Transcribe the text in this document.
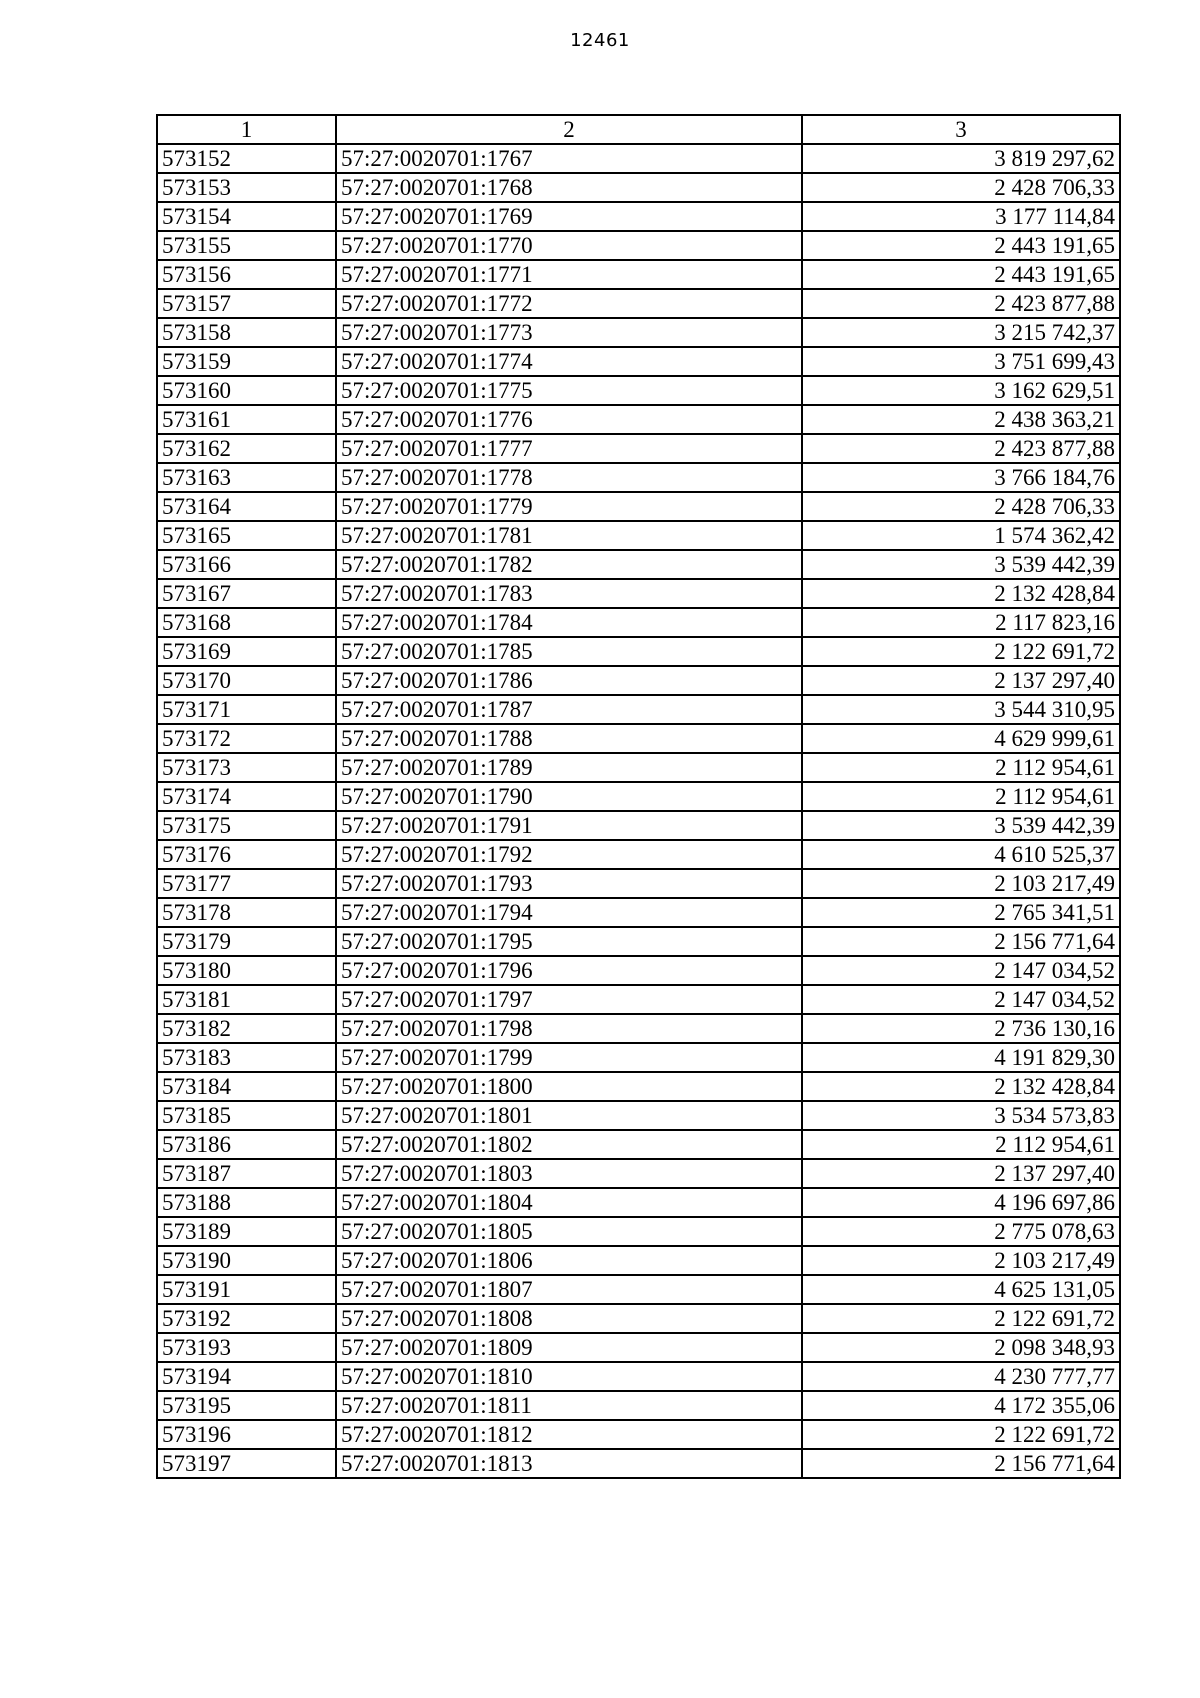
12461
1	2	3
573152	57:27:0020701:1767	3 819 297,62
573153	57:27:0020701:1768	2 428 706,33
573154	57:27:0020701:1769	3 177 114,84
573155	57:27:0020701:1770	2 443 191,65
573156	57:27:0020701:1771	2 443 191,65
573157	57:27:0020701:1772	2 423 877,88
573158	57:27:0020701:1773	3 215 742,37
573159	57:27:0020701:1774	3 751 699,43
573160	57:27:0020701:1775	3 162 629,51
573161	57:27:0020701:1776	2 438 363,21
573162	57:27:0020701:1777	2 423 877,88
573163	57:27:0020701:1778	3 766 184,76
573164	57:27:0020701:1779	2 428 706,33
573165	57:27:0020701:1781	1 574 362,42
573166	57:27:0020701:1782	3 539 442,39
573167	57:27:0020701:1783	2 132 428,84
573168	57:27:0020701:1784	2 117 823,16
573169	57:27:0020701:1785	2 122 691,72
573170	57:27:0020701:1786	2 137 297,40
573171	57:27:0020701:1787	3 544 310,95
573172	57:27:0020701:1788	4 629 999,61
573173	57:27:0020701:1789	2 112 954,61
573174	57:27:0020701:1790	2 112 954,61
573175	57:27:0020701:1791	3 539 442,39
573176	57:27:0020701:1792	4 610 525,37
573177	57:27:0020701:1793	2 103 217,49
573178	57:27:0020701:1794	2 765 341,51
573179	57:27:0020701:1795	2 156 771,64
573180	57:27:0020701:1796	2 147 034,52
573181	57:27:0020701:1797	2 147 034,52
573182	57:27:0020701:1798	2 736 130,16
573183	57:27:0020701:1799	4 191 829,30
573184	57:27:0020701:1800	2 132 428,84
573185	57:27:0020701:1801	3 534 573,83
573186	57:27:0020701:1802	2 112 954,61
573187	57:27:0020701:1803	2 137 297,40
573188	57:27:0020701:1804	4 196 697,86
573189	57:27:0020701:1805	2 775 078,63
573190	57:27:0020701:1806	2 103 217,49
573191	57:27:0020701:1807	4 625 131,05
573192	57:27:0020701:1808	2 122 691,72
573193	57:27:0020701:1809	2 098 348,93
573194	57:27:0020701:1810	4 230 777,77
573195	57:27:0020701:1811	4 172 355,06
573196	57:27:0020701:1812	2 122 691,72
573197	57:27:0020701:1813	2 156 771,64
